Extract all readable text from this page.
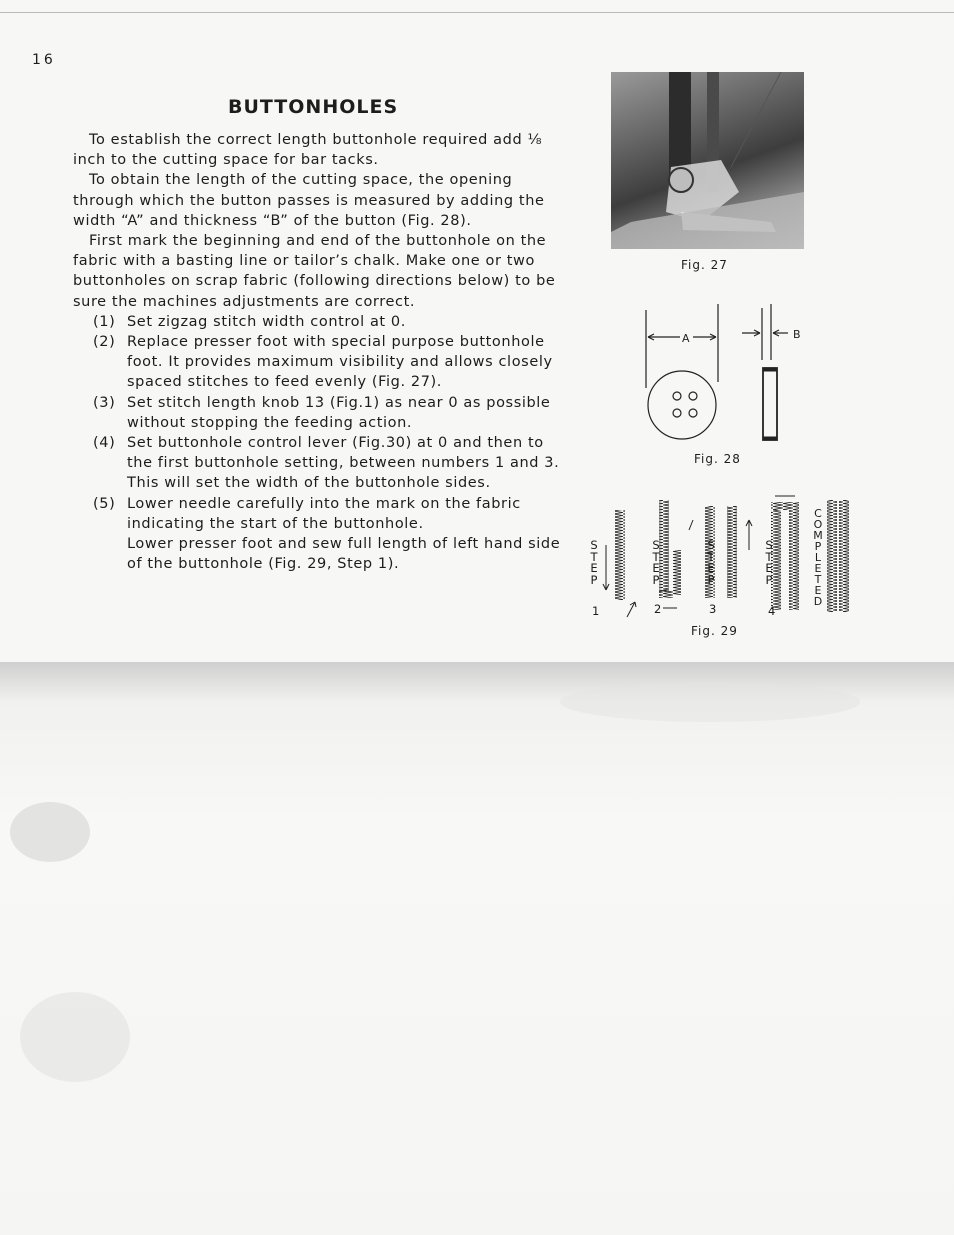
16
BUTTONHOLES

To establish the correct length buttonhole required add ⅛ inch to the cutting space for bar tacks.

To obtain the length of the cutting space, the opening through which the button passes is measured by adding the width “A” and thickness “B” of the button (Fig. 28).

First mark the beginning and end of the buttonhole on the fabric with a basting line or tailor’s chalk. Make one or two buttonholes on scrap fabric (following directions below) to be sure the machines adjustments are correct.

(1) Set zigzag stitch width control at 0.
(2) Replace presser foot with special purpose buttonhole foot. It provides maximum visibility and allows closely spaced stitches to feed evenly (Fig. 27).
(3) Set stitch length knob 13 (Fig.1) as near 0 as possible without stopping the feeding action.
(4) Set buttonhole control lever (Fig.30) at 0 and then to the first buttonhole setting, between numbers 1 and 3. This will set the width of the buttonhole sides.
(5) Lower needle carefully into the mark on the fabric indicating the start of the buttonhole.
Lower presser foot and sew full length of left hand side of the buttonhole (Fig. 29, Step 1).
Fig. 27
A	B
Fig. 28
STEP
STEP
STEP
STEP
COMPLETED
1	2	3	4
Fig. 29
